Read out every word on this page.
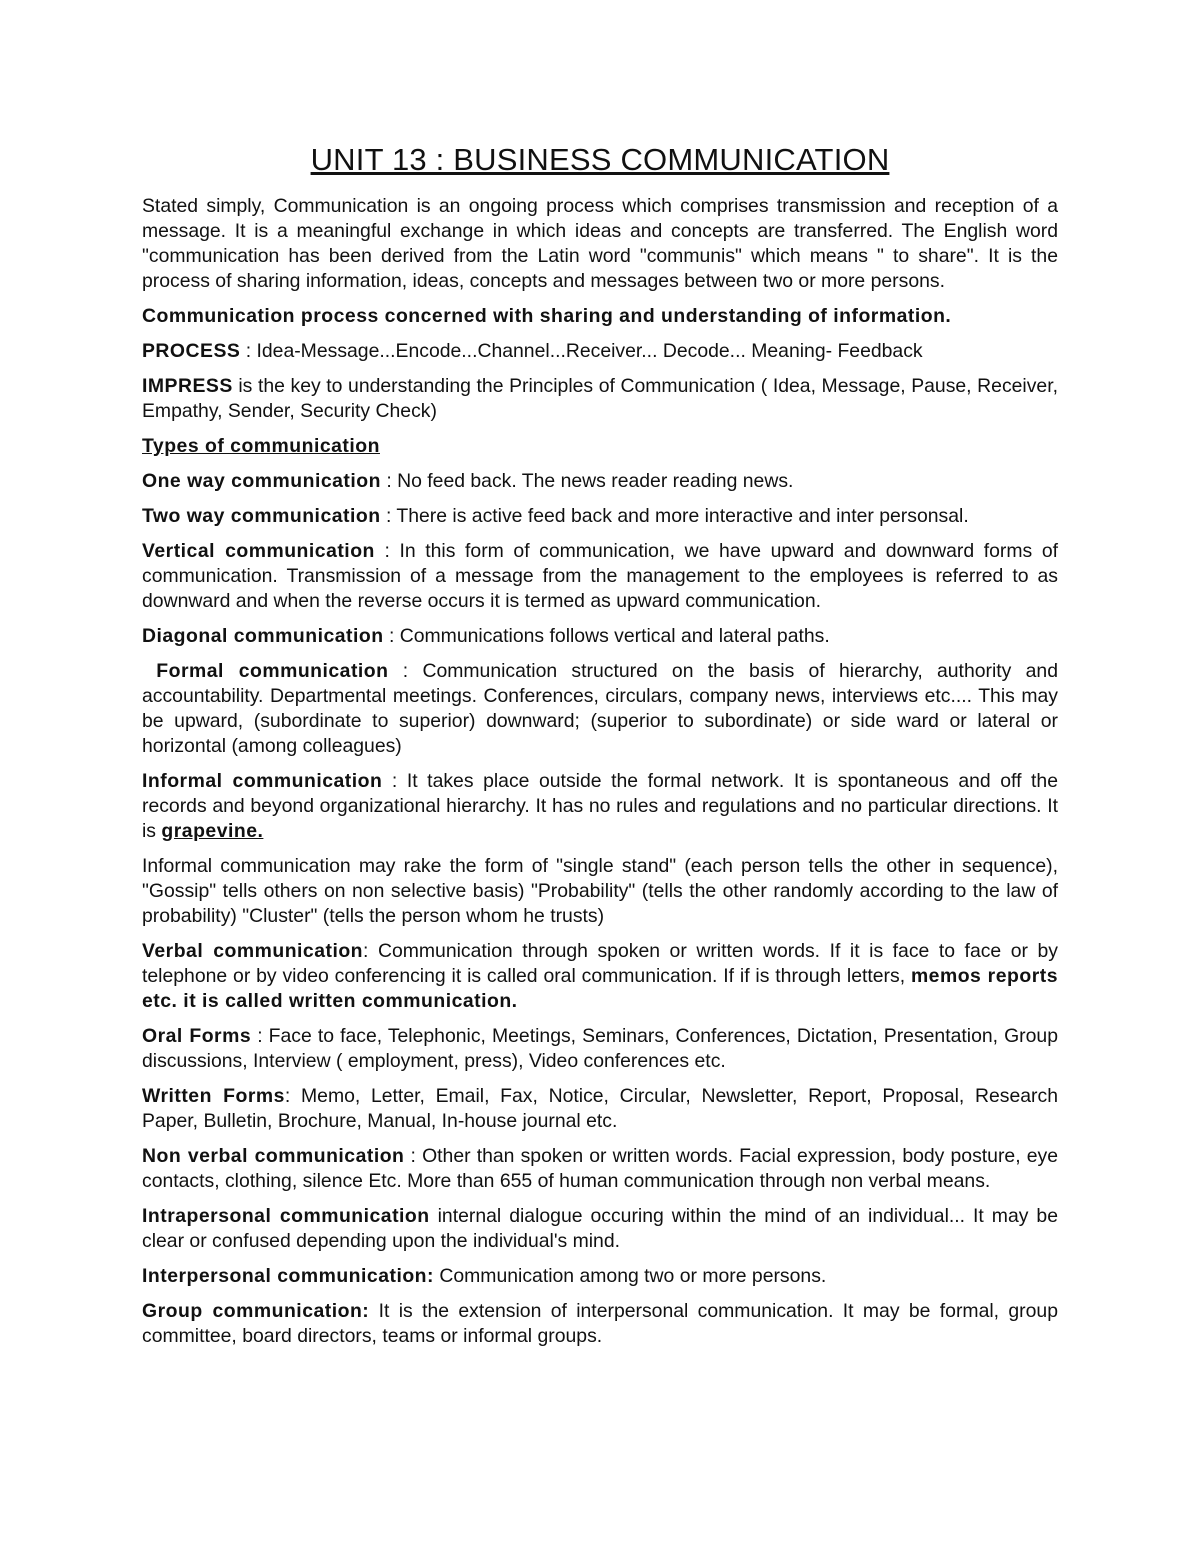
UNIT 13 : BUSINESS COMMUNICATION

Stated simply, Communication is an ongoing process which comprises transmission and reception of a message. It is a meaningful exchange in which ideas and concepts are transferred. The English word "communication has been derived from the Latin word "communis" which means " to share". It is the process of sharing information, ideas, concepts and messages between two or more persons.

Communication process concerned with sharing and understanding of information.

PROCESS : Idea-Message...Encode...Channel...Receiver... Decode... Meaning- Feedback

IMPRESS is the key to understanding the Principles of Communication ( Idea, Message, Pause, Receiver, Empathy, Sender, Security Check)

Types of communication

One way communication : No feed back. The news reader reading news.

Two way communication : There is active feed back and more interactive and inter personsal.

Vertical communication : In this form of communication, we have upward and downward forms of communication. Transmission of a message from the management to the employees is referred to as downward and when the reverse occurs it is termed as upward communication.

Diagonal communication : Communications follows vertical and lateral paths.

Formal communication : Communication structured on the basis of hierarchy, authority and accountability. Departmental meetings. Conferences, circulars, company news, interviews etc.... This may be upward, (subordinate to superior) downward; (superior to subordinate) or side ward or lateral or horizontal (among colleagues)

Informal communication : It takes place outside the formal network. It is spontaneous and off the records and beyond organizational hierarchy. It has no rules and regulations and no particular directions. It is grapevine.

Informal communication may rake the form of "single stand" (each person tells the other in sequence), "Gossip" tells others on non selective basis) "Probability" (tells the other randomly according to the law of probability) "Cluster" (tells the person whom he trusts)

Verbal communication: Communication through spoken or written words. If it is face to face or by telephone or by video conferencing it is called oral communication. If if is through letters, memos reports etc. it is called written communication.

Oral Forms : Face to face, Telephonic, Meetings, Seminars, Conferences, Dictation, Presentation, Group discussions, Interview ( employment, press), Video conferences etc.

Written Forms: Memo, Letter, Email, Fax, Notice, Circular, Newsletter, Report, Proposal, Research Paper, Bulletin, Brochure, Manual, In-house journal etc.

Non verbal communication : Other than spoken or written words. Facial expression, body posture, eye contacts, clothing, silence Etc. More than 655 of human communication through non verbal means.

Intrapersonal communication internal dialogue occuring within the mind of an individual... It may be clear or confused depending upon the individual's mind.

Interpersonal communication: Communication among two or more persons.

Group communication: It is the extension of interpersonal communication. It may be formal, group committee, board directors, teams or informal groups.
